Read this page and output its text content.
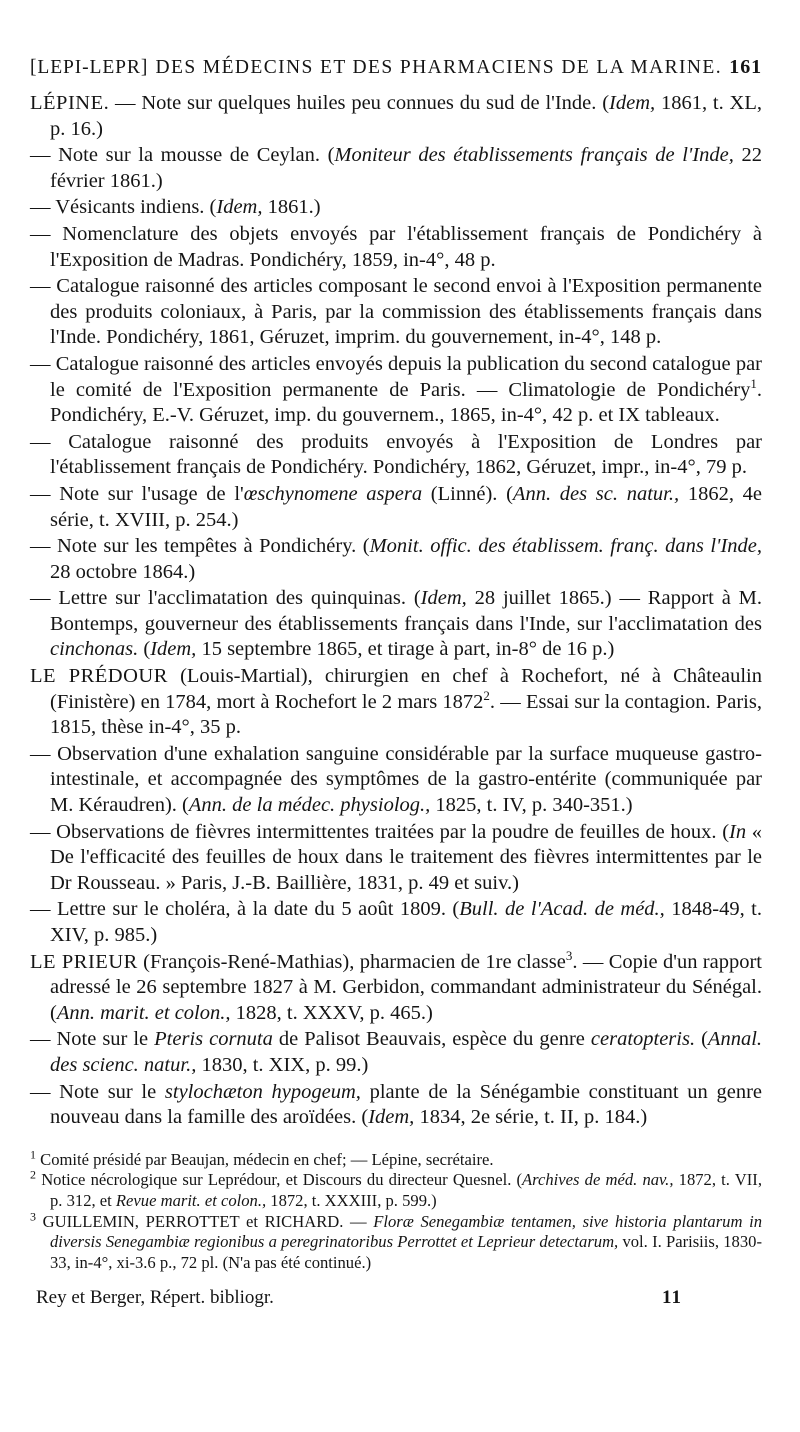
[LEPI-LEPR] DES MÉDECINS ET DES PHARMACIENS DE LA MARINE. 161

LÉPINE. — Note sur quelques huiles peu connues du sud de l'Inde. (Idem, 1861, t. XL, p. 16.)

— Note sur la mousse de Ceylan. (Moniteur des établissements français de l'Inde, 22 février 1861.)

— Vésicants indiens. (Idem, 1861.)

— Nomenclature des objets envoyés par l'établissement français de Pondichéry à l'Exposition de Madras. Pondichéry, 1859, in-4°, 48 p.

— Catalogue raisonné des articles composant le second envoi à l'Exposition permanente des produits coloniaux, à Paris, par la commission des établissements français dans l'Inde. Pondichéry, 1861, Géruzet, imprim. du gouvernement, in-4°, 148 p.

— Catalogue raisonné des articles envoyés depuis la publication du second catalogue par le comité de l'Exposition permanente de Paris. — Climatologie de Pondichéry$^1$. Pondichéry, E.-V. Géruzet, imp. du gouvernem., 1865, in-4°, 42 p. et IX tableaux.

— Catalogue raisonné des produits envoyés à l'Exposition de Londres par l'établissement français de Pondichéry. Pondichéry, 1862, Géruzet, impr., in-4°, 79 p.

— Note sur l'usage de l'œschynomene aspera (Linné). (Ann. des sc. natur., 1862, 4e série, t. XVIII, p. 254.)

— Note sur les tempêtes à Pondichéry. (Monit. offic. des établissem. franç. dans l'Inde, 28 octobre 1864.)

— Lettre sur l'acclimatation des quinquinas. (Idem, 28 juillet 1865.) — Rapport à M. Bontemps, gouverneur des établissements français dans l'Inde, sur l'acclimatation des cinchonas. (Idem, 15 septembre 1865, et tirage à part, in-8° de 16 p.)

LE PRÉDOUR (Louis-Martial), chirurgien en chef à Rochefort, né à Châteaulin (Finistère) en 1784, mort à Rochefort le 2 mars 1872$^2$. — Essai sur la contagion. Paris, 1815, thèse in-4°, 35 p.

— Observation d'une exhalation sanguine considérable par la surface muqueuse gastro-intestinale, et accompagnée des symptômes de la gastro-entérite (communiquée par M. Kéraudren). (Ann. de la médec. physiolog., 1825, t. IV, p. 340-351.)

— Observations de fièvres intermittentes traitées par la poudre de feuilles de houx. (In « De l'efficacité des feuilles de houx dans le traitement des fièvres intermittentes par le Dr Rousseau. » Paris, J.-B. Baillière, 1831, p. 49 et suiv.)

— Lettre sur le choléra, à la date du 5 août 1809. (Bull. de l'Acad. de méd., 1848-49, t. XIV, p. 985.)

LE PRIEUR (François-René-Mathias), pharmacien de 1re classe$^3$. — Copie d'un rapport adressé le 26 septembre 1827 à M. Gerbidon, commandant administrateur du Sénégal. (Ann. marit. et colon., 1828, t. XXXV, p. 465.)

— Note sur le Pteris cornuta de Palisot Beauvais, espèce du genre ceratopteris. (Annal. des scienc. natur., 1830, t. XIX, p. 99.)

— Note sur le stylochæton hypogeum, plante de la Sénégambie constituant un genre nouveau dans la famille des aroïdées. (Idem, 1834, 2e série, t. II, p. 184.)

$^1$ Comité présidé par Beaujan, médecin en chef; — Lépine, secrétaire.

$^2$ Notice nécrologique sur Leprédour, et Discours du directeur Quesnel. (Archives de méd. nav., 1872, t. VII, p. 312, et Revue marit. et colon., 1872, t. XXXIII, p. 599.)

$^3$ GUILLEMIN, PERROTTET et RICHARD. — Floræ Senegambiæ tentamen, sive historia plantarum in diversis Senegambiæ regionibus a peregrinatoribus Perrottet et Leprieur detectarum, vol. I. Parisiis, 1830-33, in-4°, xi-3.6 p., 72 pl. (N'a pas été continué.)

Rey et Berger, Répert. bibliogr.	11
